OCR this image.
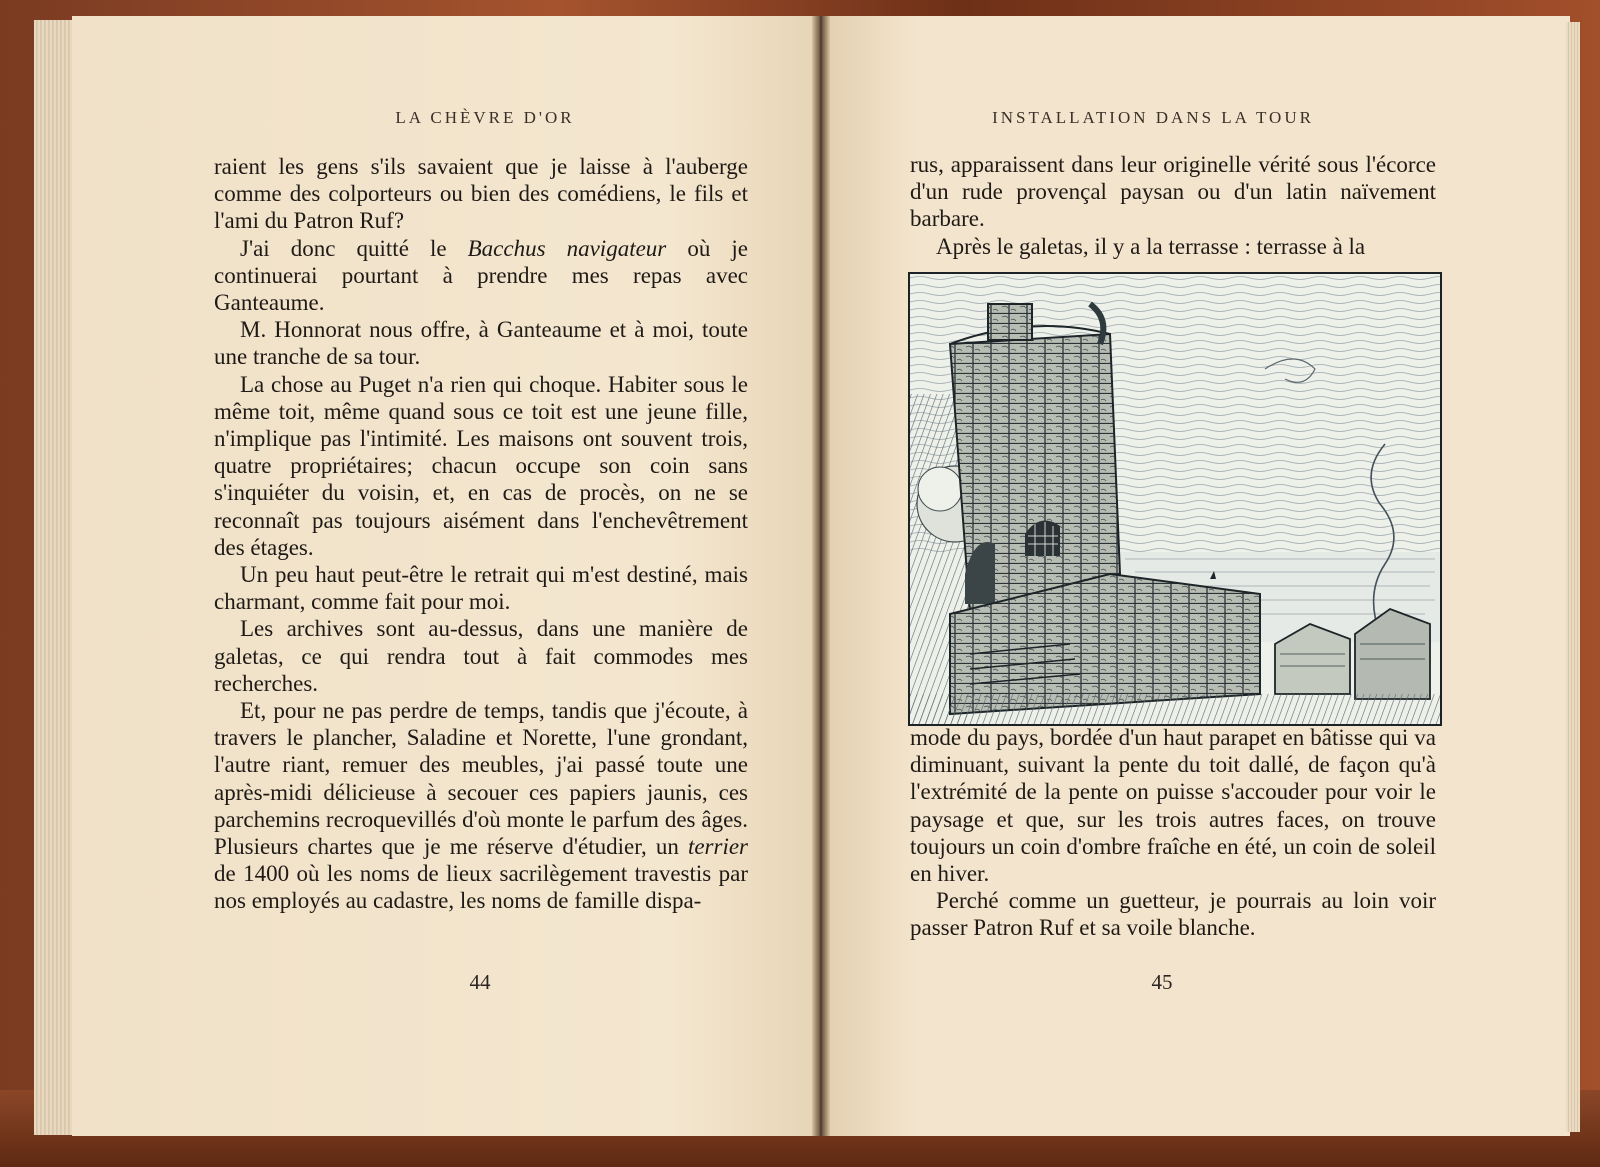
LA CHÈVRE D'OR	INSTALLATION DANS LA TOUR

raient les gens s'ils savaient que je laisse à l'auberge comme des colporteurs ou bien des comédiens, le fils et l'ami du Patron Ruf?

J'ai donc quitté le Bacchus navigateur où je continuerai pourtant à prendre mes repas avec Ganteaume.

M. Honnorat nous offre, à Ganteaume et à moi, toute une tranche de sa tour.

La chose au Puget n'a rien qui choque. Habiter sous le même toit, même quand sous ce toit est une jeune fille, n'implique pas l'intimité. Les maisons ont souvent trois, quatre propriétaires; chacun occupe son coin sans s'inquiéter du voisin, et, en cas de procès, on ne se reconnaît pas toujours aisément dans l'enchevêtrement des étages.

Un peu haut peut-être le retrait qui m'est destiné, mais charmant, comme fait pour moi.

Les archives sont au-dessus, dans une manière de galetas, ce qui rendra tout à fait commodes mes recherches.

Et, pour ne pas perdre de temps, tandis que j'écoute, à travers le plancher, Saladine et Norette, l'une grondant, l'autre riant, remuer des meubles, j'ai passé toute une après-midi délicieuse à secouer ces papiers jaunis, ces parchemins recroquevillés d'où monte le parfum des âges. Plusieurs chartes que je me réserve d'étudier, un terrier de 1400 où les noms de lieux sacrilègement travestis par nos employés au cadastre, les noms de famille dispa-

rus, apparaissent dans leur originelle vérité sous l'écorce d'un rude provençal paysan ou d'un latin naïvement barbare.

Après le galetas, il y a la terrasse : terrasse à la

mode du pays, bordée d'un haut parapet en bâtisse qui va diminuant, suivant la pente du toit dallé, de façon qu'à l'extrémité de la pente on puisse s'accouder pour voir le paysage et que, sur les trois autres faces, on trouve toujours un coin d'ombre fraîche en été, un coin de soleil en hiver.

Perché comme un guetteur, je pourrais au loin voir passer Patron Ruf et sa voile blanche.

44	45
